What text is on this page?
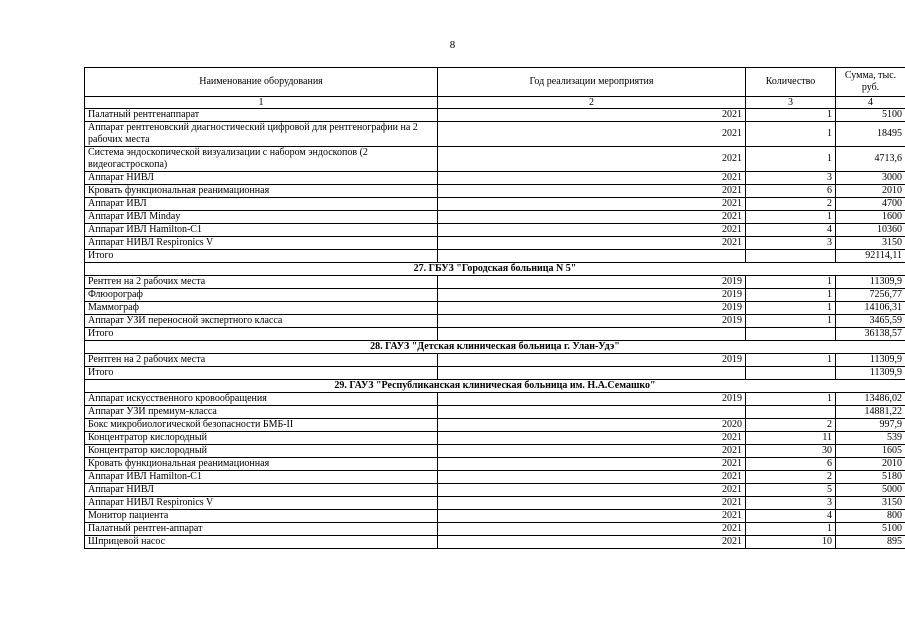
8
Наименование оборудования	Год реализации мероприятия	Количество	Сумма, тыс. руб.
1	2	3	4
Палатный рентгенаппарат	2021	1	5100
Аппарат рентгеновский диагностический цифровой для рентгенографии на 2 рабочих места	2021	1	18495
Система эндоскопической визуализации с набором эндоскопов (2 видеогастроскопа)	2021	1	4713,6
Аппарат НИВЛ	2021	3	3000
Кровать функциональная реанимационная	2021	6	2010
Аппарат ИВЛ	2021	2	4700
Аппарат ИВЛ Minday	2021	1	1600
Аппарат ИВЛ Hamilton-C1	2021	4	10360
Аппарат НИВЛ Respironics V	2021	3	3150
Итого			92114,11
27. ГБУЗ "Городская больница N 5"			
Рентген на 2 рабочих места	2019	1	11309,9
Флюорограф	2019	1	7256,77
Маммограф	2019	1	14106,31
Аппарат УЗИ переносной экспертного класса	2019	1	3465,59
Итого			36138,57
28. ГАУЗ "Детская клиническая больница г. Улан-Удэ"			
Рентген на 2 рабочих места	2019	1	11309,9
Итого			11309,9
29. ГАУЗ "Республиканская клиническая больница им. Н.А.Семашко"			
Аппарат искусственного кровообращения	2019	1	13486,02
Аппарат УЗИ премиум-класса			14881,22
Бокс микробиологической безопасности БМБ-II	2020	2	997,9
Концентратор кислородный	2021	11	539
Концентратор кислородный	2021	30	1605
Кровать функциональная реанимационная	2021	6	2010
Аппарат ИВЛ Hamilton-C1	2021	2	5180
Аппарат НИВЛ	2021	5	5000
Аппарат НИВЛ Respironics V	2021	3	3150
Монитор пациента	2021	4	800
Палатный рентген-аппарат	2021	1	5100
Шприцевой насос	2021	10	895
